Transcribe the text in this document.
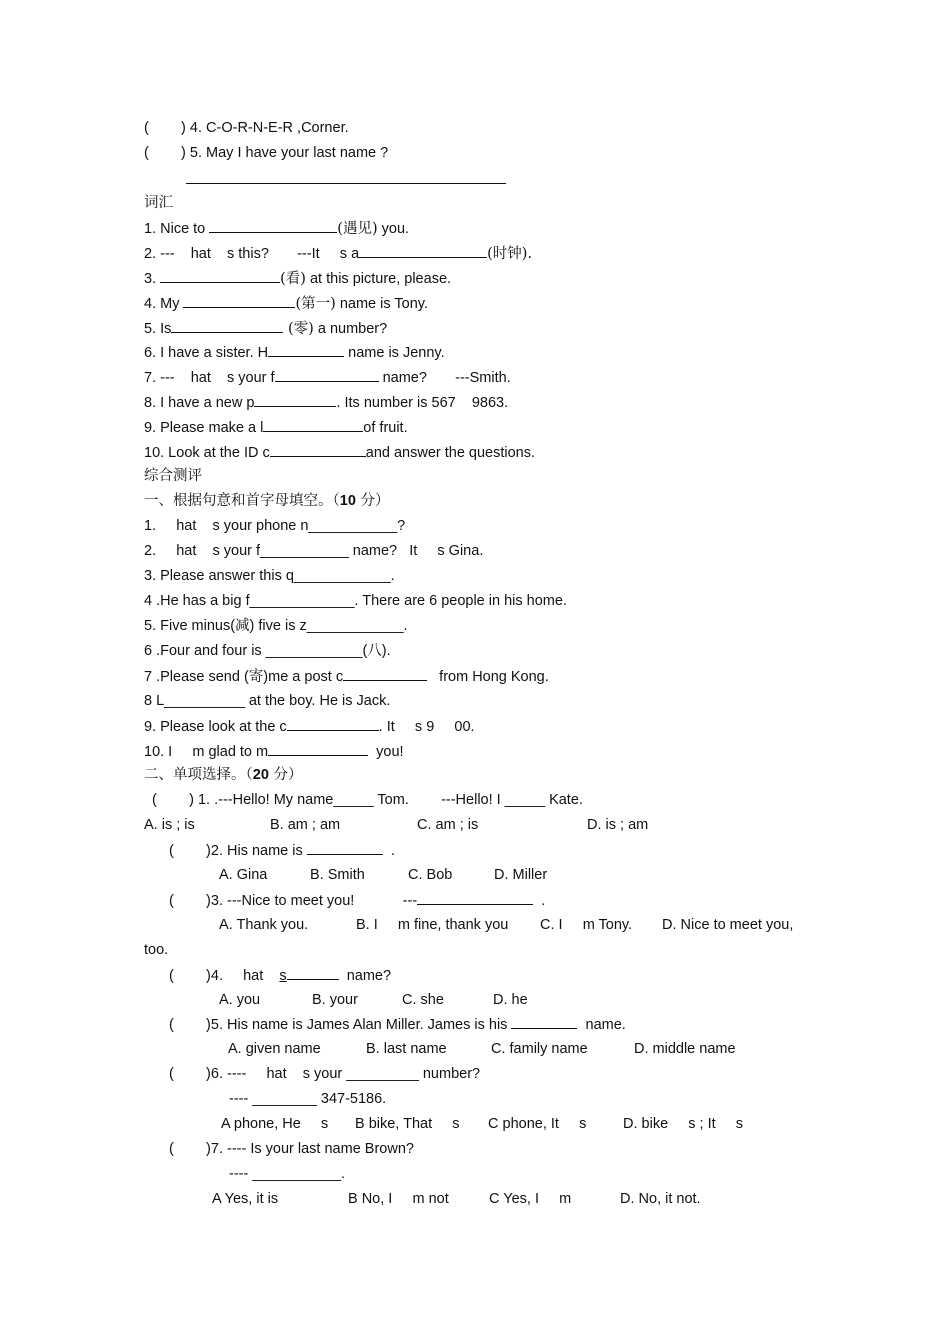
(        ) 4. C-O-R-N-E-R ,Corner.
(        ) 5. May I have your last name ?
词汇
1. Nice to	(遇见) you.
2. ---    hat    s this?       ---It     s a	(时钟).
3.	(看) at this picture, please.
4. My	(第一) name is Tony.
5. Is	(零) a number?
6. I have a sister. H	name is Jenny.
7. ---    hat    s your f	name?       ---Smith.
8. I have a new p	. Its number is 567    9863.
9. Please make a l	of fruit.
10. Look at the ID c	and answer the questions.
综合测评
一、根据句意和首字母填空。（10 分）
1.     hat    s your phone n___________?
2.     hat    s your f___________ name?   It     s Gina.
3. Please answer this q____________.
4 .He has a big f_____________. There are 6 people in his home.
5. Five minus(减) five is z____________.
6 .Four and four is ____________(八).
7 .Please send (寄)me a post c	from Hong Kong.
8 L__________ at the boy. He is Jack.
9. Please look at the c	. It     s 9     00.
10. I     m glad to m	you!
二、单项选择。（20 分）
(        ) 1. .---Hello! My name_____ Tom.        ---Hello! I _____ Kate.
A. is ; is	B. am ; am	C. am ; is	D. is ; am
(        )2. His name is	.
A. Gina	B. Smith	C. Bob	D. Miller
(        )3. ---Nice to meet you!            ---	.
A. Thank you.	B. I     m fine, thank you C. I     m Tony. D. Nice to meet you,
too.
(        )4.     hat    s	name?
A. you	B. your	C. she	D. he
(        )5. His name is James Alan Miller. James is his	name.
A. given name	B. last name	C. family name	D. middle name
(        )6. ----     hat    s your _________ number?
---- ________ 347-5186.
A phone, He     s B bike, That     s C phone, It     s	D. bike     s ; It     s
(        )7. ---- Is your last name Brown?
---- ___________.
A Yes, it is	B No, I     m not	C Yes, I     m	D. No, it not.
